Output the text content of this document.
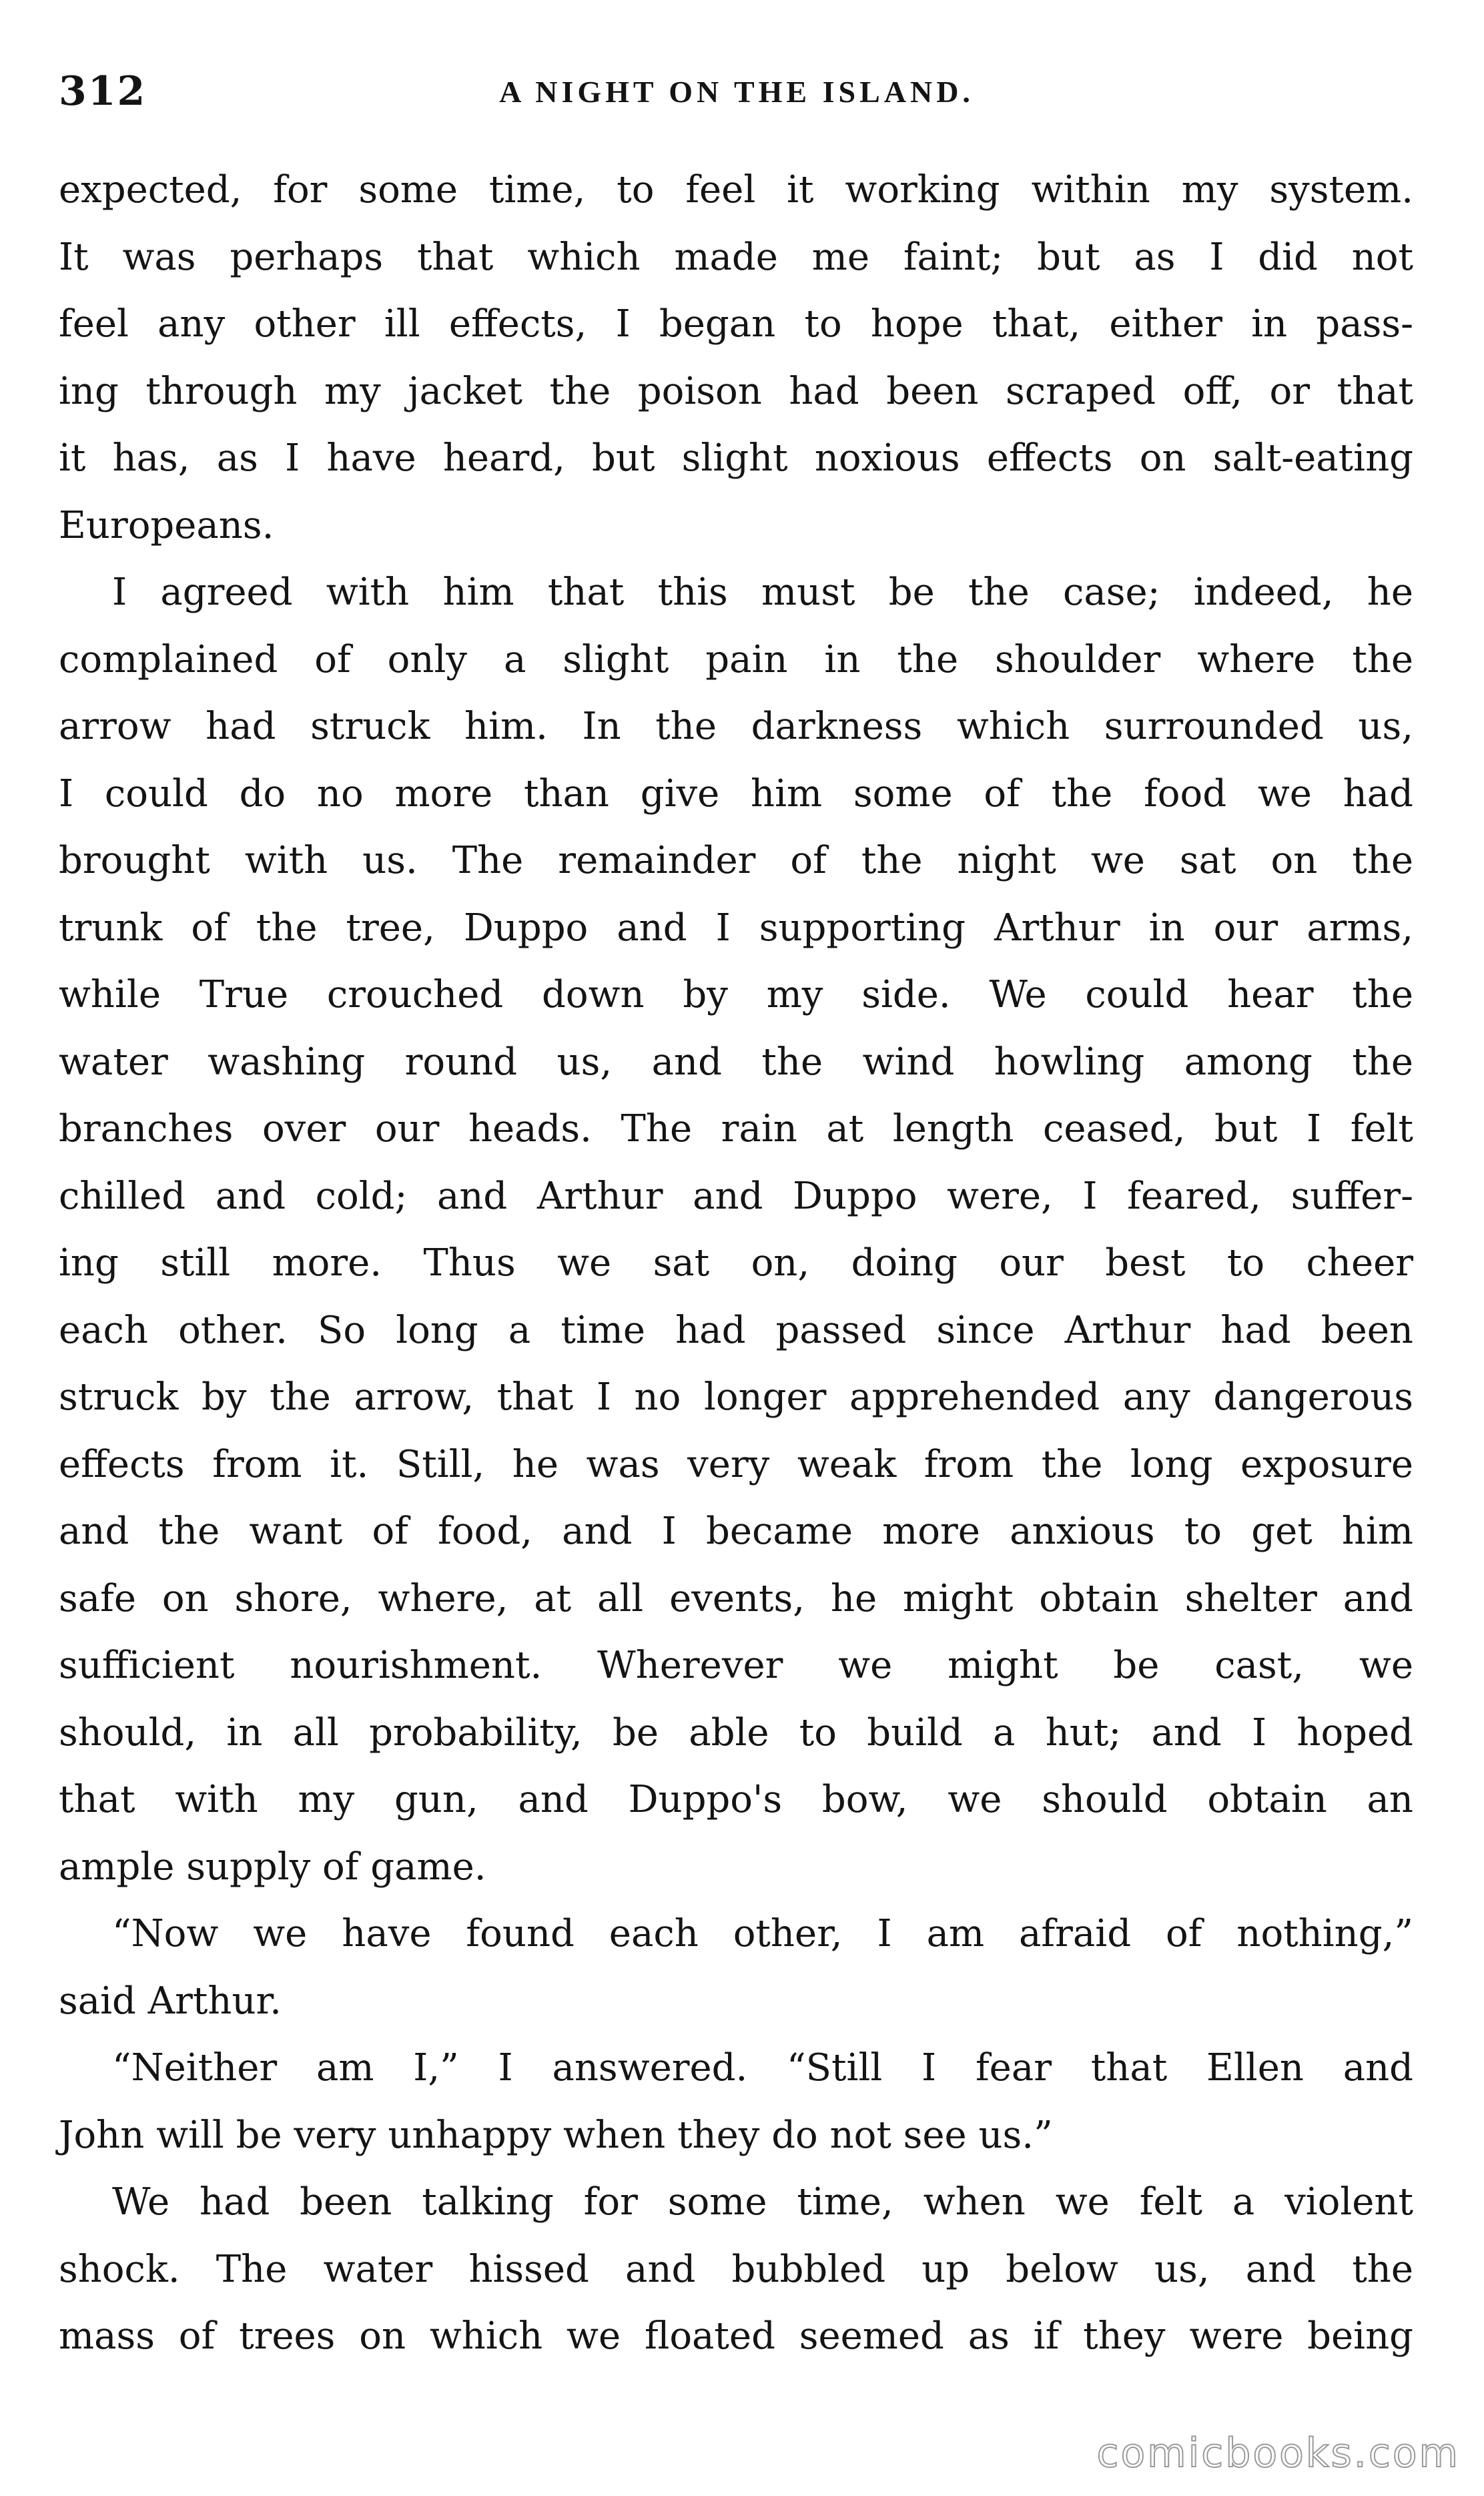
312	A NIGHT ON THE ISLAND.
expected, for some time, to feel it working within my system.
It was perhaps that which made me faint; but as I did not
feel any other ill effects, I began to hope that, either in pass-
ing through my jacket the poison had been scraped off, or that
it has, as I have heard, but slight noxious effects on salt-eating
Europeans.
I agreed with him that this must be the case; indeed, he
complained of only a slight pain in the shoulder where the
arrow had struck him. In the darkness which surrounded us,
I could do no more than give him some of the food we had
brought with us. The remainder of the night we sat on the
trunk of the tree, Duppo and I supporting Arthur in our arms,
while True crouched down by my side. We could hear the
water washing round us, and the wind howling among the
branches over our heads. The rain at length ceased, but I felt
chilled and cold; and Arthur and Duppo were, I feared, suffer-
ing still more. Thus we sat on, doing our best to cheer
each other. So long a time had passed since Arthur had been
struck by the arrow, that I no longer apprehended any dangerous
effects from it. Still, he was very weak from the long exposure
and the want of food, and I became more anxious to get him
safe on shore, where, at all events, he might obtain shelter and
sufficient nourishment. Wherever we might be cast, we
should, in all probability, be able to build a hut; and I hoped
that with my gun, and Duppo's bow, we should obtain an
ample supply of game.
“Now we have found each other, I am afraid of nothing,”
said Arthur.
“Neither am I,” I answered. “Still I fear that Ellen and
John will be very unhappy when they do not see us.”
We had been talking for some time, when we felt a violent
shock. The water hissed and bubbled up below us, and the
mass of trees on which we floated seemed as if they were being
comicbooks.com
